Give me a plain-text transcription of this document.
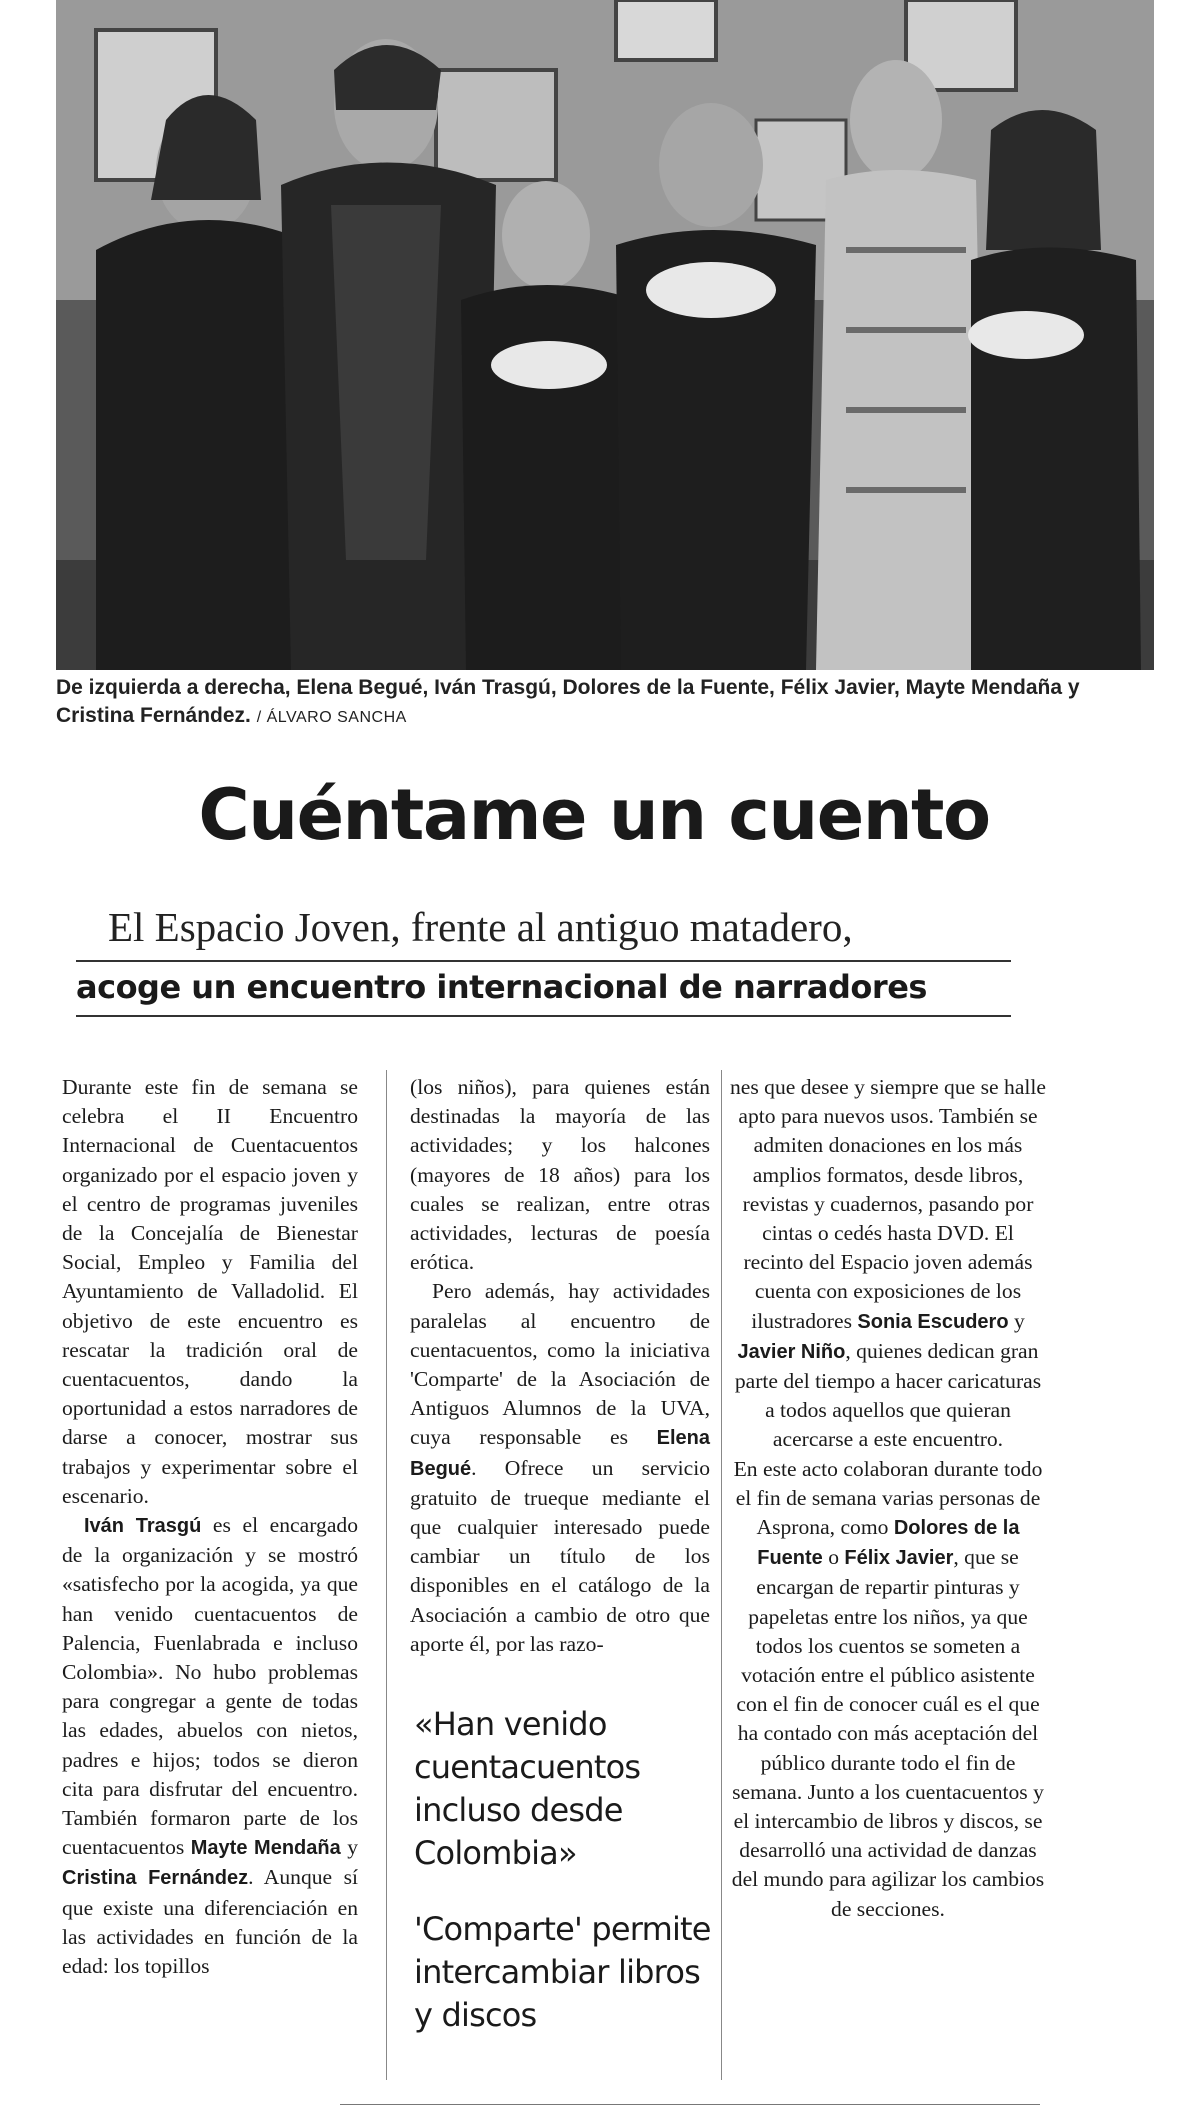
De izquierda a derecha, Elena Begué, Iván Trasgú, Dolores de la Fuente, Félix Javier, Mayte Mendaña y Cristina Fernández. / ÁLVARO SANCHA
Cuéntame un cuento
El Espacio Joven, frente al antiguo matadero,
acoge un encuentro internacional de narradores

Durante este fin de semana se celebra el II Encuentro Internacional de Cuentacuentos organizado por el espacio joven y el centro de programas juveniles de la Concejalía de Bienestar Social, Empleo y Familia del Ayuntamiento de Valladolid. El objetivo de este encuentro es rescatar la tradición oral de cuentacuentos, dando la oportunidad a estos narradores de darse a conocer, mostrar sus trabajos y experimentar sobre el escenario.

Iván Trasgú es el encargado de la organización y se mostró «satisfecho por la acogida, ya que han venido cuentacuentos de Palencia, Fuenlabrada e incluso Colombia». No hubo problemas para congregar a gente de todas las edades, abuelos con nietos, padres e hijos; todos se dieron cita para disfrutar del encuentro. También formaron parte de los cuentacuentos Mayte Mendaña y Cristina Fernández. Aunque sí que existe una diferenciación en las actividades en función de la edad: los topillos

(los niños), para quienes están destinadas la mayoría de las actividades; y los halcones (mayores de 18 años) para los cuales se realizan, entre otras actividades, lecturas de poesía erótica.

Pero además, hay actividades paralelas al encuentro de cuentacuentos, como la iniciativa 'Comparte' de la Asociación de Antiguos Alumnos de la UVA, cuya responsable es Elena Begué. Ofrece un servicio gratuito de trueque mediante el que cualquier interesado puede cambiar un título de los disponibles en el catálogo de la Asociación a cambio de otro que aporte él, por las razo-

«Han venido cuentacuentos incluso desde Colombia»
'Comparte' permite intercambiar libros y discos

nes que desee y siempre que se halle apto para nuevos usos. También se admiten donaciones en los más amplios formatos, desde libros, revistas y cuadernos, pasando por cintas o cedés hasta DVD. El recinto del Espacio joven además cuenta con exposiciones de los ilustradores Sonia Escudero y Javier Niño, quienes dedican gran parte del tiempo a hacer caricaturas a todos aquellos que quieran acercarse a este encuentro.

En este acto colaboran durante todo el fin de semana varias personas de Asprona, como Dolores de la Fuente o Félix Javier, que se encargan de repartir pinturas y papeletas entre los niños, ya que todos los cuentos se someten a votación entre el público asistente con el fin de conocer cuál es el que ha contado con más aceptación del público durante todo el fin de semana. Junto a los cuentacuentos y el intercambio de libros y discos, se desarrolló una actividad de danzas del mundo para agilizar los cambios de secciones.
